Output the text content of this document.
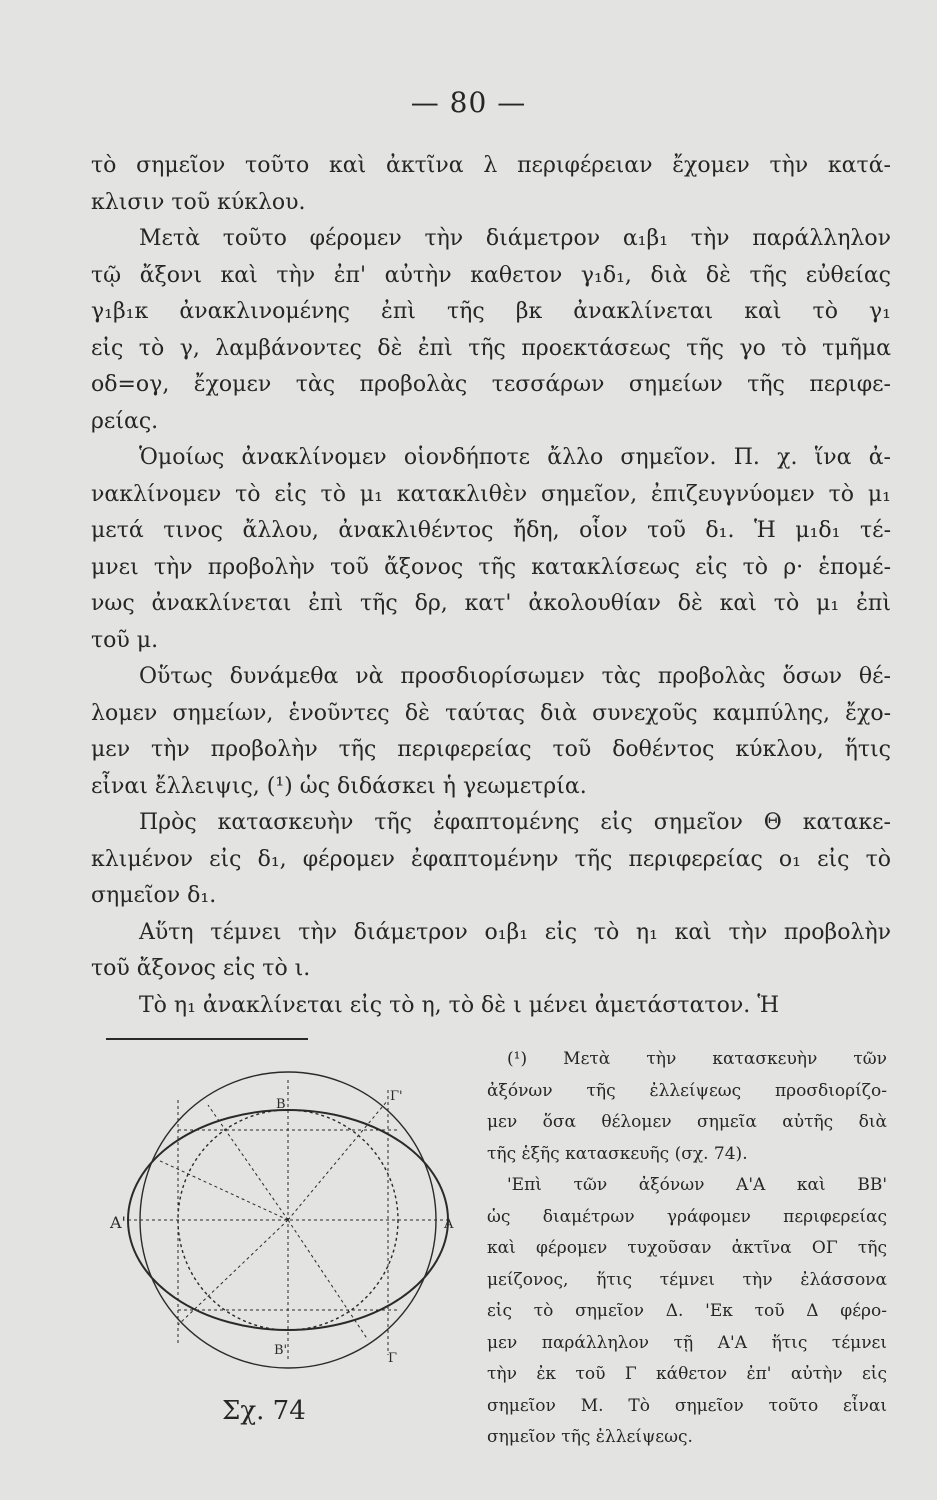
— 80 —

τὸ σημεῖον τοῦτο καὶ ἀκτῖνα λ περιφέρειαν ἔχομεν τὴν κατά-
κλισιν τοῦ κύκλου.

Μετὰ τοῦτο φέρομεν τὴν διάμετρον α₁β₁ τὴν παράλληλον
τῷ ἄξονι καὶ τὴν ἐπ' αὐτὴν καθετον γ₁δ₁, διὰ δὲ τῆς εὐθείας
γ₁β₁κ ἀνακλινομένης ἐπὶ τῆς βκ ἀνακλίνεται καὶ τὸ γ₁
εἰς τὸ γ, λαμβάνοντες δὲ ἐπὶ τῆς προεκτάσεως τῆς γο τὸ τμῆμα
οδ=ογ, ἔχομεν τὰς προβολὰς τεσσάρων σημείων τῆς περιφε-
ρείας.

Ὁμοίως ἀνακλίνομεν οἱονδήποτε ἄλλο σημεῖον. Π. χ. ἵνα ἀ-
νακλίνομεν τὸ εἰς τὸ μ₁ κατακλιθὲν σημεῖον, ἐπιζευγνύομεν τὸ μ₁
μετά τινος ἄλλου, ἀνακλιθέντος ἤδη, οἷον τοῦ δ₁. Ἡ μ₁δ₁ τέ-
μνει τὴν προβολὴν τοῦ ἄξονος τῆς κατακλίσεως εἰς τὸ ρ· ἑπομέ-
νως ἀνακλίνεται ἐπὶ τῆς δρ, κατ' ἀκολουθίαν δὲ καὶ τὸ μ₁ ἐπὶ
τοῦ μ.

Οὕτως δυνάμεθα νὰ προσδιορίσωμεν τὰς προβολὰς ὅσων θέ-
λομεν σημείων, ἑνοῦντες δὲ ταύτας διὰ συνεχοῦς καμπύλης, ἔχο-
μεν τὴν προβολὴν τῆς περιφερείας τοῦ δοθέντος κύκλου, ἥτις
εἶναι ἔλλειψις, (¹) ὡς διδάσκει ἡ γεωμετρία.

Πρὸς κατασκευὴν τῆς ἐφαπτομένης εἰς σημεῖον Θ κατακε-
κλιμένον εἰς δ₁, φέρομεν ἐφαπτομένην τῆς περιφερείας ο₁ εἰς τὸ
σημεῖον δ₁.

Αὕτη τέμνει τὴν διάμετρον ο₁β₁ εἰς τὸ η₁ καὶ τὴν προβολὴν
τοῦ ἄξονος εἰς τὸ ι.

Τὸ η₁ ἀνακλίνεται εἰς τὸ η, τὸ δὲ ι μένει ἀμετάστατον. Ἡ

B
Γ'
A'	A
B'
Γ
Σχ. 74
(¹) Μετὰ τὴν κατασκευὴν τῶν
ἀξόνων τῆς ἐλλείψεως προσδιορίζο-
μεν ὅσα θέλομεν σημεῖα αὐτῆς διὰ
τῆς ἑξῆς κατασκευῆς (σχ. 74).
'Επὶ τῶν ἀξόνων Α'Α καὶ ΒΒ'
ὡς διαμέτρων γράφομεν περιφερείας
καὶ φέρομεν τυχοῦσαν ἀκτῖνα ΟΓ τῆς
μείζονος, ἥτις τέμνει τὴν ἐλάσσονα
εἰς τὸ σημεῖον Δ. 'Εκ τοῦ Δ φέρο-
μεν παράλληλον τῇ Α'Α ἥτις τέμνει
τὴν ἐκ τοῦ Γ κάθετον ἐπ' αὐτὴν εἰς
σημεῖον Μ. Τὸ σημεῖον τοῦτο εἶναι
σημεῖον τῆς ἐλλείψεως.
